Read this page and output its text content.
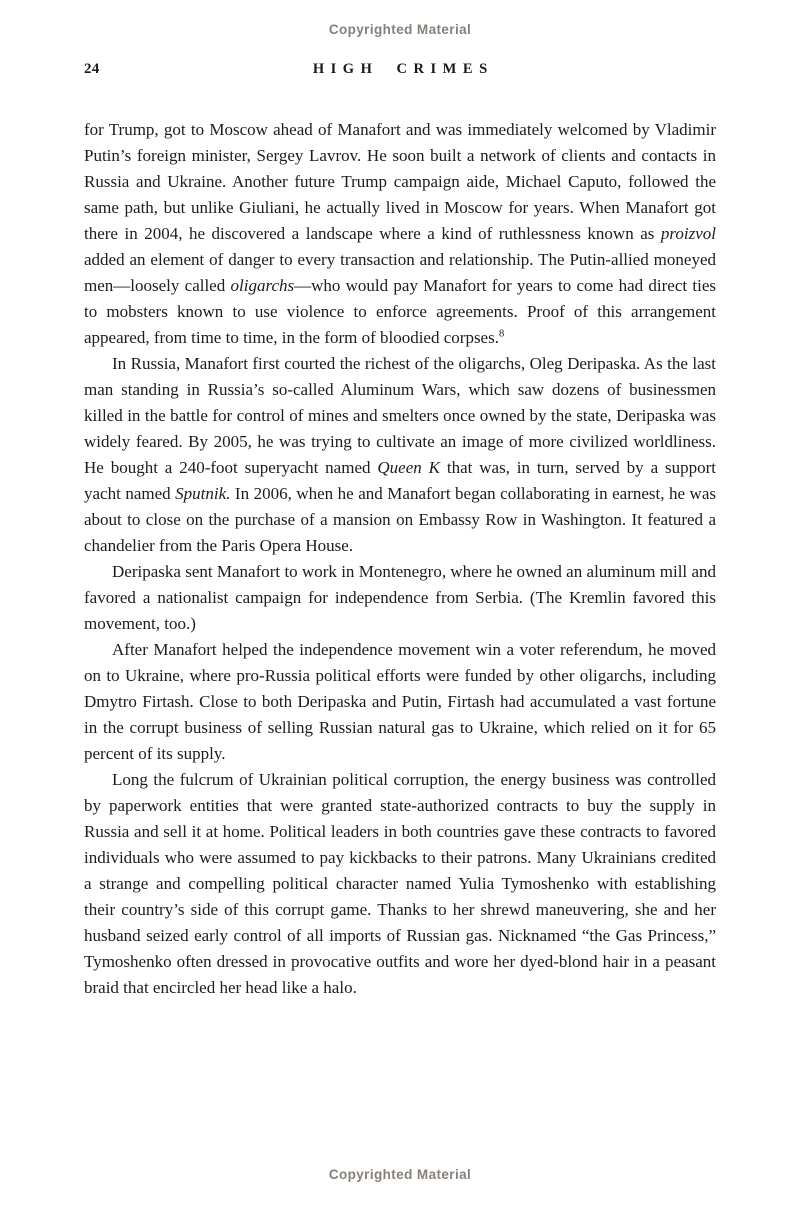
Copyrighted Material
24	HIGH CRIMES

for Trump, got to Moscow ahead of Manafort and was immediately welcomed by Vladimir Putin’s foreign minister, Sergey Lavrov. He soon built a network of clients and contacts in Russia and Ukraine. Another future Trump campaign aide, Michael Caputo, followed the same path, but unlike Giuliani, he actually lived in Moscow for years. When Manafort got there in 2004, he discovered a landscape where a kind of ruthlessness known as proizvol added an element of danger to every transaction and relationship. The Putin-allied moneyed men—loosely called oligarchs—who would pay Manafort for years to come had direct ties to mobsters known to use violence to enforce agreements. Proof of this arrangement appeared, from time to time, in the form of bloodied corpses.$^8$

In Russia, Manafort first courted the richest of the oligarchs, Oleg Deripaska. As the last man standing in Russia’s so-called Aluminum Wars, which saw dozens of businessmen killed in the battle for control of mines and smelters once owned by the state, Deripaska was widely feared. By 2005, he was trying to cultivate an image of more civilized worldliness. He bought a 240-foot superyacht named Queen K that was, in turn, served by a support yacht named Sputnik. In 2006, when he and Manafort began collaborating in earnest, he was about to close on the purchase of a mansion on Embassy Row in Washington. It featured a chandelier from the Paris Opera House.

Deripaska sent Manafort to work in Montenegro, where he owned an aluminum mill and favored a nationalist campaign for independence from Serbia. (The Kremlin favored this movement, too.)

After Manafort helped the independence movement win a voter referendum, he moved on to Ukraine, where pro-Russia political efforts were funded by other oligarchs, including Dmytro Firtash. Close to both Deripaska and Putin, Firtash had accumulated a vast fortune in the corrupt business of selling Russian natural gas to Ukraine, which relied on it for 65 percent of its supply.

Long the fulcrum of Ukrainian political corruption, the energy business was controlled by paperwork entities that were granted state-authorized contracts to buy the supply in Russia and sell it at home. Political leaders in both countries gave these contracts to favored individuals who were assumed to pay kickbacks to their patrons. Many Ukrainians credited a strange and compelling political character named Yulia Tymoshenko with establishing their country’s side of this corrupt game. Thanks to her shrewd maneuvering, she and her husband seized early control of all imports of Russian gas. Nicknamed “the Gas Princess,” Tymoshenko often dressed in provocative outfits and wore her dyed-blond hair in a peasant braid that encircled her head like a halo.

Copyrighted Material
